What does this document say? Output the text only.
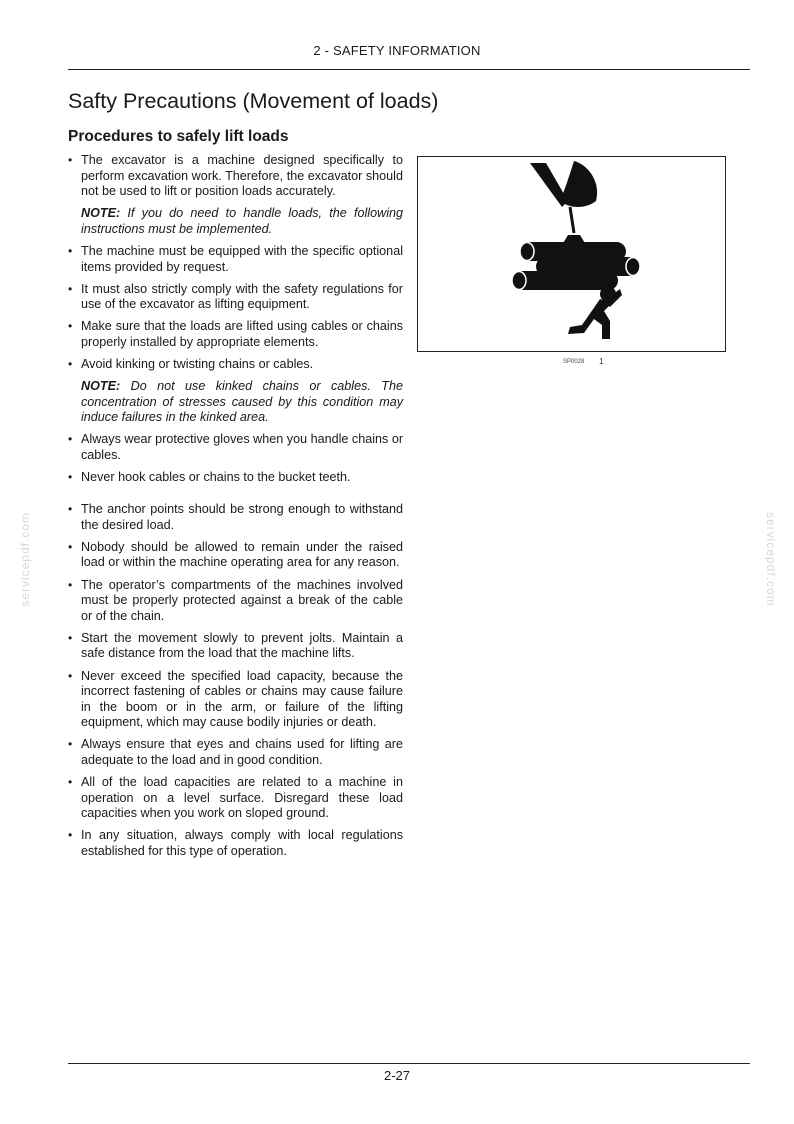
2 - SAFETY INFORMATION
Safty Precautions (Movement of loads)
Procedures to safely lift loads
• The excavator is a machine designed specifically to perform excavation work. Therefore, the excavator should not be used to lift or position loads accurately.
NOTE: If you do need to handle loads, the following instructions must be implemented.
• The machine must be equipped with the specific optional items provided by request.
• It must also strictly comply with the safety regulations for use of the excavator as lifting equipment.
• Make sure that the loads are lifted using cables or chains properly installed by appropriate elements.
• Avoid kinking or twisting chains or cables.
NOTE: Do not use kinked chains or cables. The concentration of stresses caused by this condition may induce failures in the kinked area.
• Always wear protective gloves when you handle chains or cables.
• Never hook cables or chains to the bucket teeth.
• The anchor points should be strong enough to withstand the desired load.
• Nobody should be allowed to remain under the raised load or within the machine operating area for any reason.
• The operator’s compartments of the machines involved must be properly protected against a break of the cable or of the chain.
• Start the movement slowly to prevent jolts. Maintain a safe distance from the load that the machine lifts.
• Never exceed the specified load capacity, because the incorrect fastening of cables or chains may cause failure in the boom or in the arm, or failure of the lifting equipment, which may cause bodily injuries or death.
• Always ensure that eyes and chains used for lifting are adequate to the load and in good condition.
• All of the load capacities are related to a machine in operation on a level surface. Disregard these load capacities when you work on sloped ground.
• In any situation, always comply with local regulations established for this type of operation.
SP0028 1
servicepdf.com	servicepdf.com
2-27
